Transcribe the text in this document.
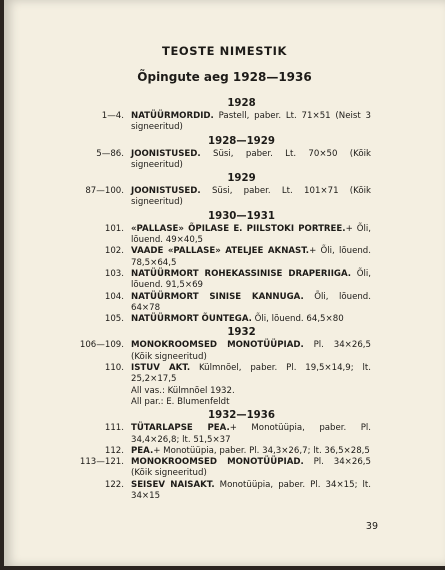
TEOSTE NIMESTIK
Õpingute aeg 1928—1936
1928
1—4. NATÜÜRMORDID. Pastell, paber. Lt. 71×51 (Neist 3 signeeritud)
1928—1929
5—86. JOONISTUSED. Süsi, paber. Lt. 70×50 (Kõik signeeritud)
1929
87—100. JOONISTUSED. Süsi, paber. Lt. 101×71 (Kõik signeeritud)
1930—1931
101. «PALLASE» ÕPILASE E. PIILSTOKI PORTREE.+ Õli, lõuend. 49×40,5
102. VAADE «PALLASE» ATELJEE AKNAST.+ Õli, lõuend. 78,5×64,5
103. NATÜÜRMORT ROHEKASSINISE DRAPERIIGA. Õli, lõuend. 91,5×69
104. NATÜÜRMORT SINISE KANNUGA. Õli, lõuend. 64×78
105. NATÜÜRMORT ÕUNTEGA. Õli, lõuend. 64,5×80
1932
106—109. MONOKROOMSED MONOTÜÜPIAD. Pl. 34×26,5 (Kõik signeeritud)
110. ISTUV AKT. Külmnõel, paber. Pl. 19,5×14,9; lt. 25,2×17,5
All vas.: Külmnõel 1932.
All par.: E. Blumenfeldt
1932—1936
111. TÜTARLAPSE PEA.+ Monotüüpia, paber. Pl. 34,4×26,8; lt. 51,5×37
112. PEA.+ Monotüüpia, paber. Pl. 34,3×26,7; lt. 36,5×28,5
113—121. MONOKROOMSED MONOTÜÜPIAD. Pl. 34×26,5 (Kõik signeeritud)
122. SEISEV NAISAKT. Monotüüpia, paber. Pl. 34×15; lt. 34×15
39
